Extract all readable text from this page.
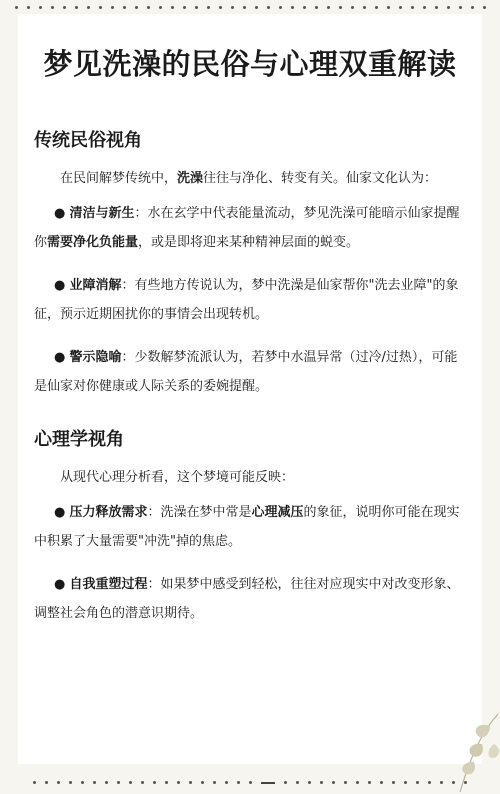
梦见洗澡的民俗与心理双重解读
传统民俗视角

在民间解梦传统中，洗澡往往与净化、转变有关。仙家文化认为：

● 清洁与新生：水在玄学中代表能量流动，梦见洗澡可能暗示仙家提醒你需要净化负能量，或是即将迎来某种精神层面的蜕变。

● 业障消解：有些地方传说认为，梦中洗澡是仙家帮你"洗去业障"的象征，预示近期困扰你的事情会出现转机。

● 警示隐喻：少数解梦流派认为，若梦中水温异常（过冷/过热），可能是仙家对你健康或人际关系的委婉提醒。

心理学视角

从现代心理分析看，这个梦境可能反映：

● 压力释放需求：洗澡在梦中常是心理减压的象征，说明你可能在现实中积累了大量需要"冲洗"掉的焦虑。

● 自我重塑过程：如果梦中感受到轻松，往往对应现实中对改变形象、调整社会角色的潜意识期待。
